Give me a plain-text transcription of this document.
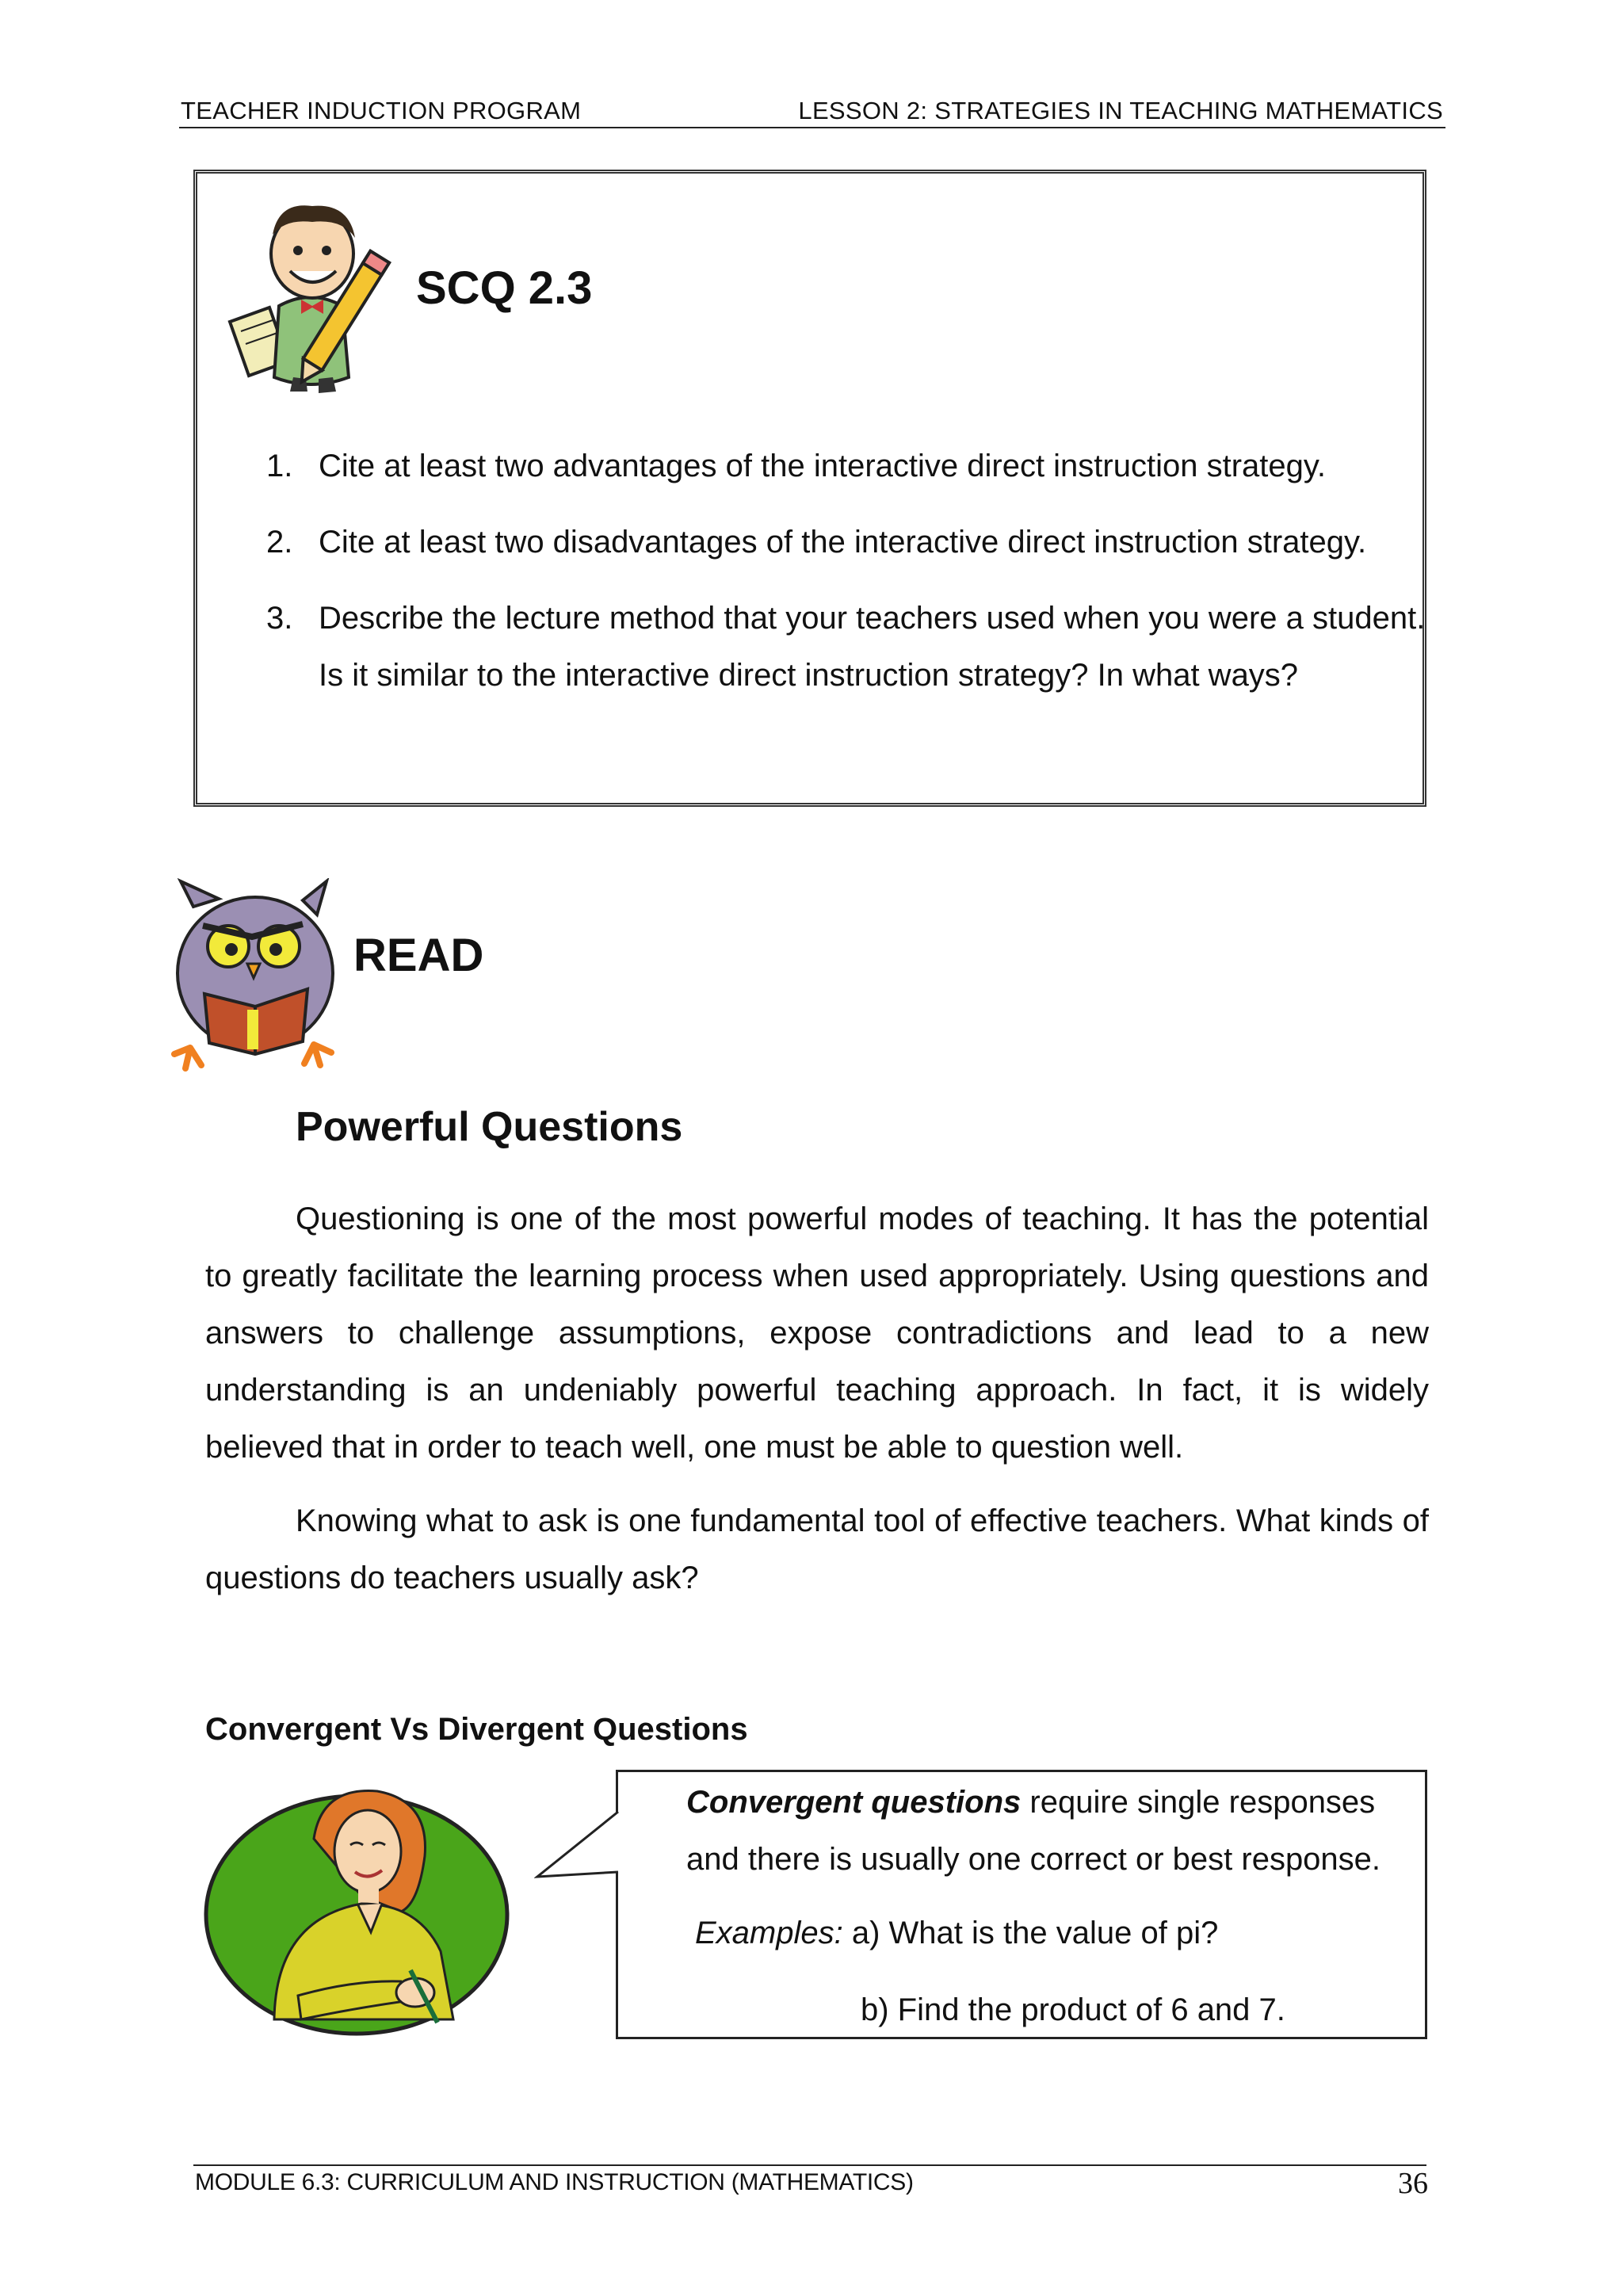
TEACHER INDUCTION PROGRAM	LESSON 2: STRATEGIES IN TEACHING MATHEMATICS
SCQ 2.3
1. Cite at least two advantages of the interactive direct instruction strategy.
2. Cite at least two disadvantages of the interactive direct instruction strategy.
3. Describe the lecture method that your teachers used when you were a student. Is it similar to the interactive direct instruction strategy? In what ways?
READ
Powerful Questions
Questioning is one of the most powerful modes of teaching. It has the potential to greatly facilitate the learning process when used appropriately. Using questions and answers to challenge assumptions, expose contradictions and lead to a new understanding is an undeniably powerful teaching approach. In fact, it is widely believed that in order to teach well, one must be able to question well.
Knowing what to ask is one fundamental tool of effective teachers. What kinds of questions do teachers usually ask?
Convergent Vs Divergent Questions
Convergent questions require single responses and there is usually one correct or best response.
Examples: a) What is the value of pi?
b) Find the product of 6 and 7.
MODULE 6.3: CURRICULUM AND INSTRUCTION (MATHEMATICS)	36
